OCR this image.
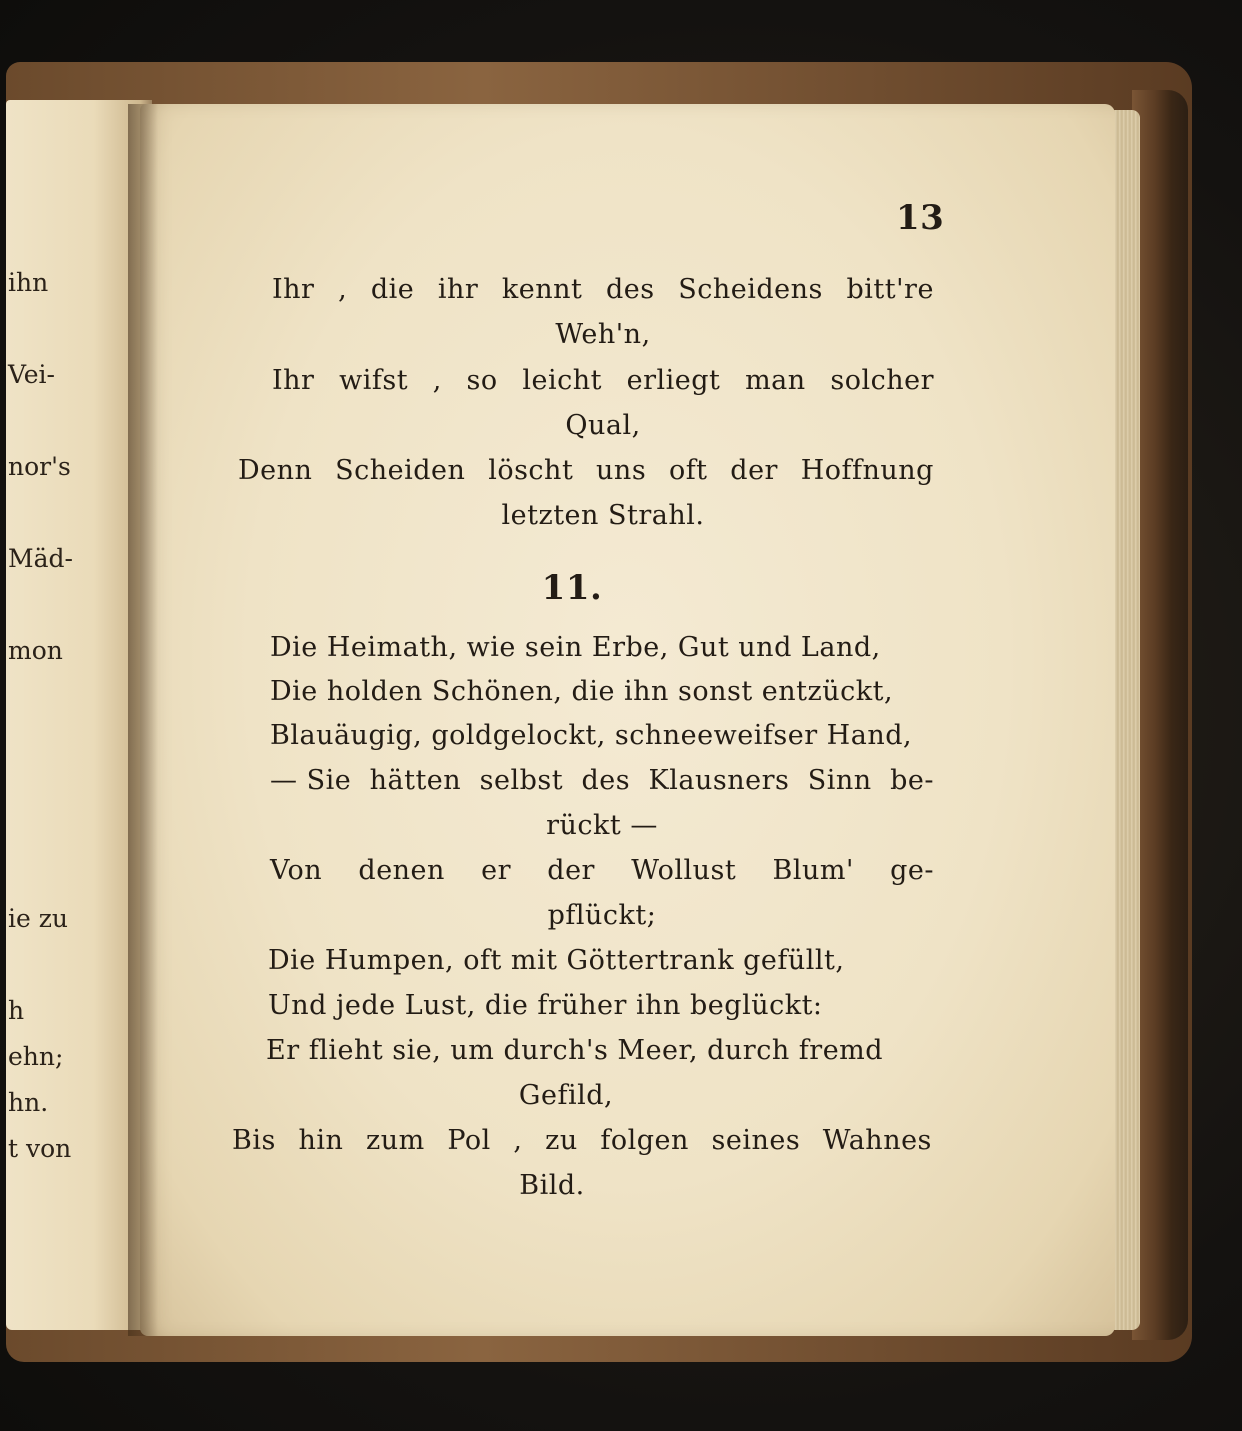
ihn
Vei-
nor's
Mäd-
mon
ie zu
h
ehn;
hn.
t von
13
Ihr , die ihr kennt des Scheidens bitt're
Weh'n,
Ihr wifst , so leicht erliegt man solcher
Qual,
Denn Scheiden löscht uns oft der Hoffnung
letzten Strahl.
11.
Die Heimath, wie sein Erbe, Gut und Land,
Die holden Schönen, die ihn sonst entzückt,
Blauäugig, goldgelockt, schneeweifser Hand,
— Sie hätten selbst des Klausners Sinn be-
rückt —
Von denen er der Wollust Blum' ge-
pflückt;
Die Humpen, oft mit Göttertrank gefüllt,
Und jede Lust, die früher ihn beglückt:
Er flieht sie, um durch's Meer, durch fremd
Gefild,
Bis hin zum Pol , zu folgen seines Wahnes
Bild.
